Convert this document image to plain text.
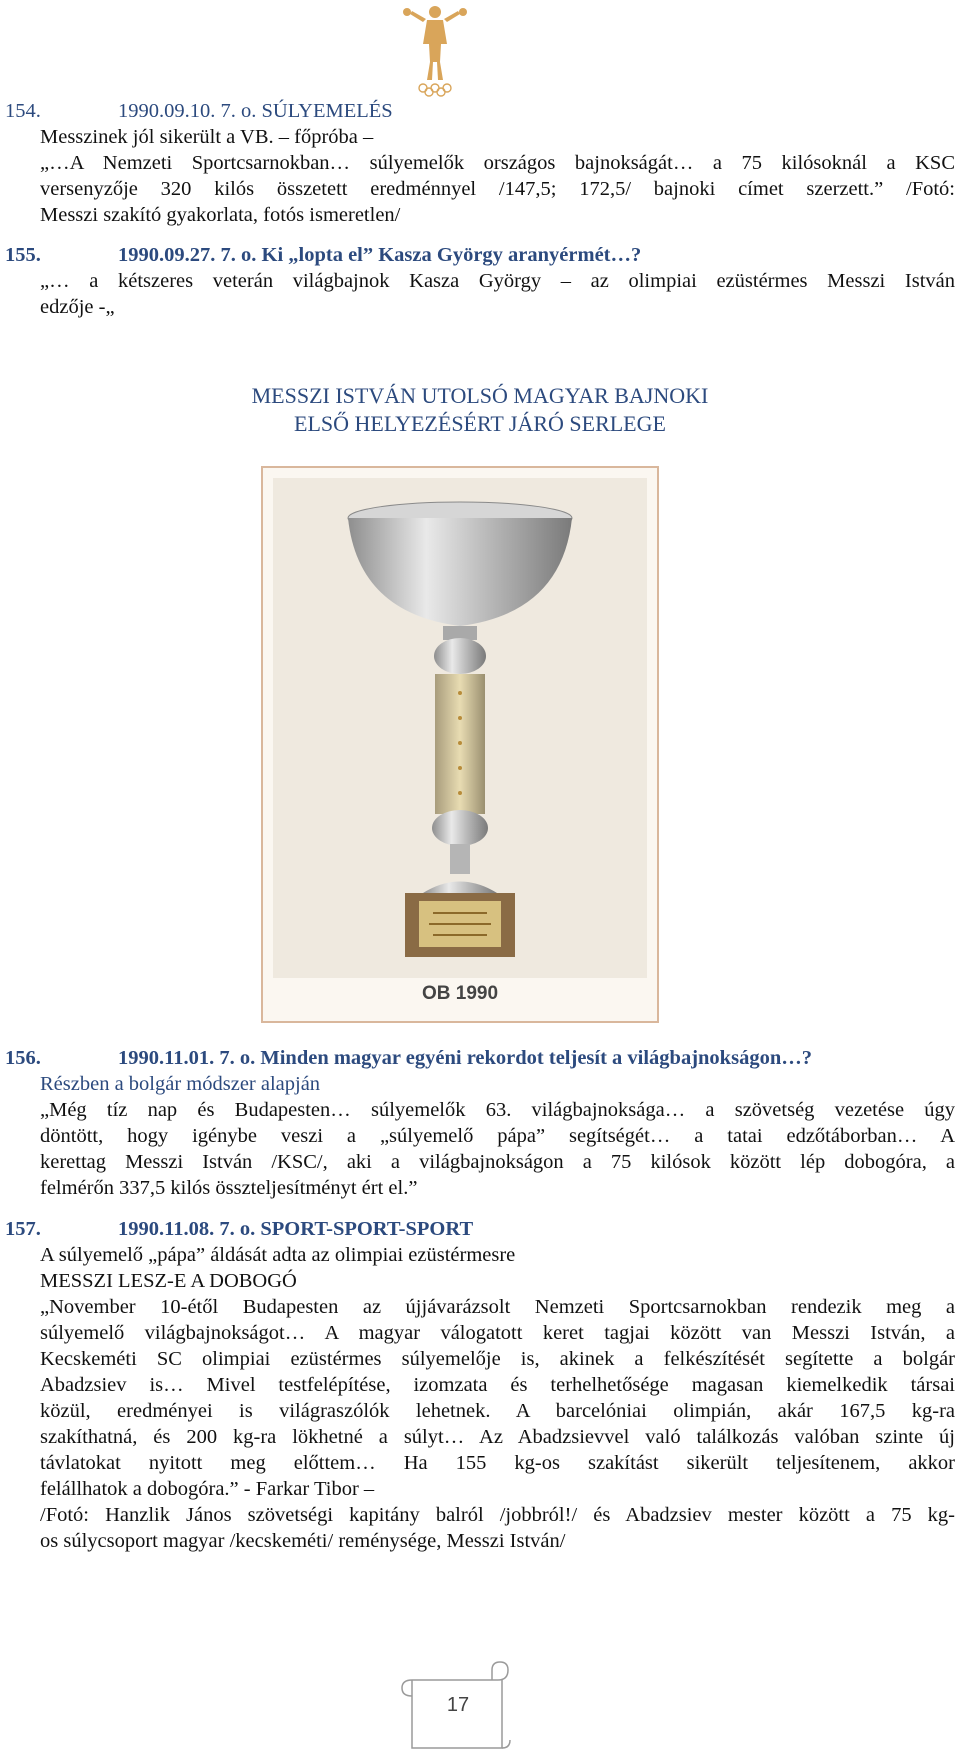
154.	1990.09.10. 7. o. SÚLYEMELÉS
Messzinek jól sikerült a VB. – főpróba –
„…A Nemzeti Sportcsarnokban… súlyemelők országos bajnokságát… a 75 kilósoknál a KSC
versenyzője 320 kilós összetett eredménnyel /147,5; 172,5/ bajnoki címet szerzett.” /Fotó:
Messzi szakító gyakorlata, fotós ismeretlen/
155.	1990.09.27. 7. o. Ki „lopta el” Kasza György aranyérmét…?
„… a kétszeres veterán világbajnok Kasza György – az olimpiai ezüstérmes Messzi István
edzője -„
MESSZI ISTVÁN UTOLSÓ MAGYAR BAJNOKI
ELSŐ HELYEZÉSÉRT JÁRÓ SERLEGE
OB 1990
156.	1990.11.01. 7. o. Minden magyar egyéni rekordot teljesít a világbajnokságon…?
Részben a bolgár módszer alapján
„Még tíz nap és Budapesten… súlyemelők 63. világbajnoksága… a szövetség vezetése úgy
döntött, hogy igénybe veszi a „súlyemelő pápa” segítségét… a tatai edzőtáborban… A
kerettag Messzi István /KSC/, aki a világbajnokságon a 75 kilósok között lép dobogóra, a
felmérőn 337,5 kilós összteljesítményt ért el.”
157.	1990.11.08. 7. o. SPORT-SPORT-SPORT
A súlyemelő „pápa” áldását adta az olimpiai ezüstérmesre
MESSZI LESZ-E A DOBOGÓ
„November 10-étől Budapesten az újjávarázsolt Nemzeti Sportcsarnokban rendezik meg a
súlyemelő világbajnokságot… A magyar válogatott keret tagjai között van Messzi István, a
Kecskeméti SC olimpiai ezüstérmes súlyemelője is, akinek a felkészítését segítette a bolgár
Abadzsiev is… Mivel testfelépítése, izomzata és terhelhetősége magasan kiemelkedik társai
közül, eredményei is világraszólók lehetnek. A barcelóniai olimpián, akár 167,5 kg-ra
szakíthatná, és 200 kg-ra lökhetné a súlyt… Az Abadzsievvel való találkozás valóban szinte új
távlatokat nyitott meg előttem… Ha 155 kg-os szakítást sikerült teljesítenem, akkor
felállhatok a dobogóra.” - Farkar Tibor –
/Fotó: Hanzlik János szövetségi kapitány balról /jobbról!/ és Abadzsiev mester között a 75 kg-
os súlycsoport magyar /kecskeméti/ reménysége, Messzi István/
17
